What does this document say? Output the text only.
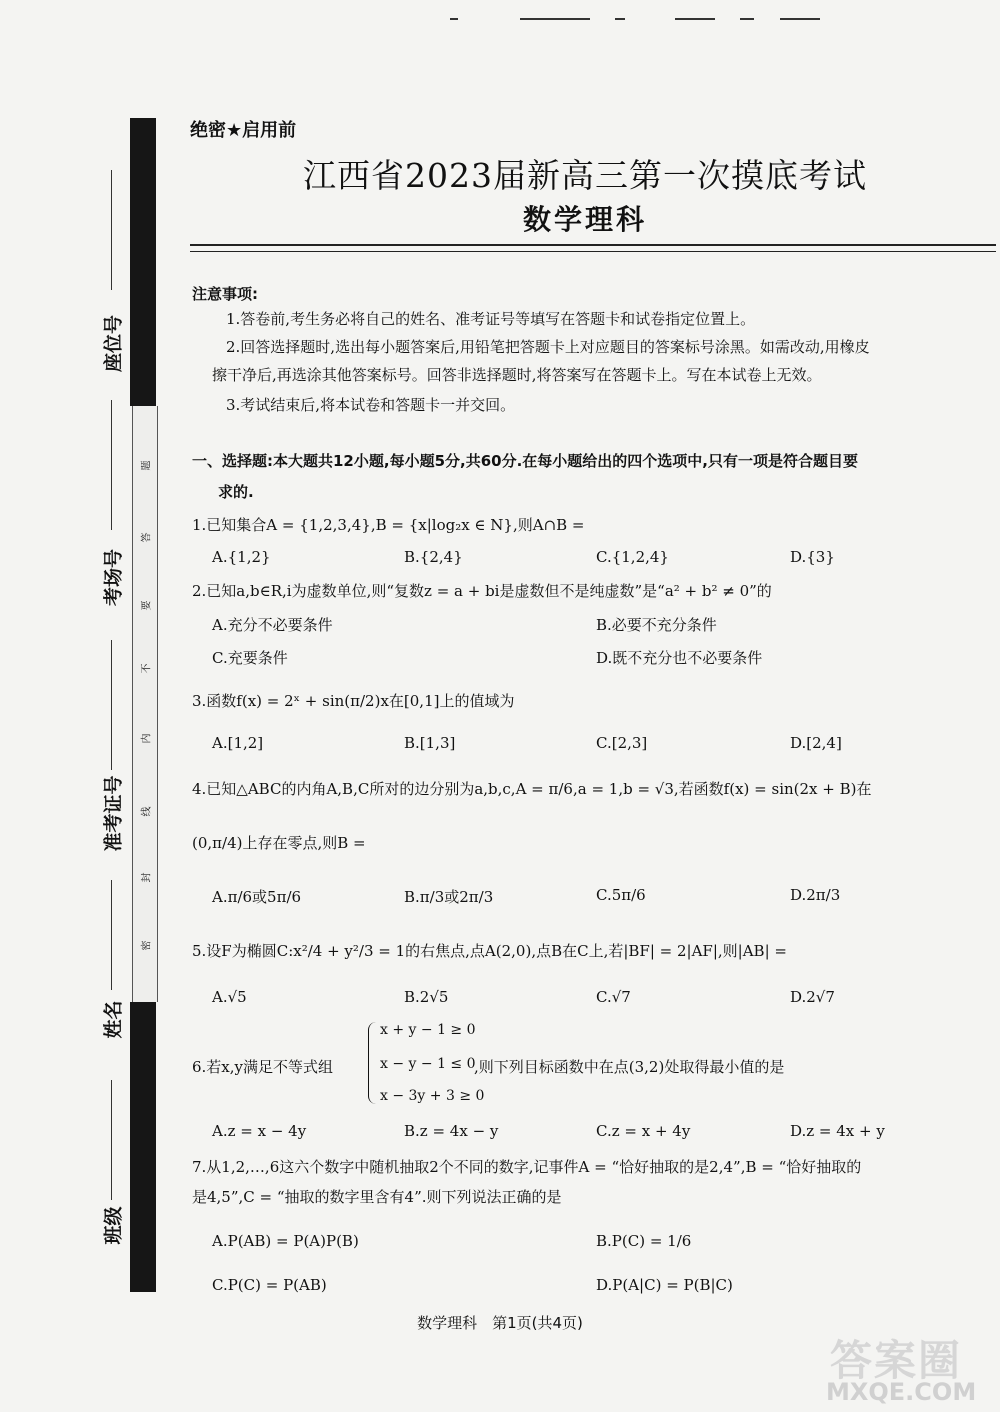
题
答
要
不
内
线
封
密
座位号
考场号
准考证号
姓名
班级
绝密★启用前
江西省2023届新高三第一次摸底考试
数学理科
注意事项:
1.答卷前,考生务必将自己的姓名、准考证号等填写在答题卡和试卷指定位置上。
2.回答选择题时,选出每小题答案后,用铅笔把答题卡上对应题目的答案标号涂黑。如需改动,用橡皮
擦干净后,再选涂其他答案标号。回答非选择题时,将答案写在答题卡上。写在本试卷上无效。
3.考试结束后,将本试卷和答题卡一并交回。
一、选择题:本大题共12小题,每小题5分,共60分.在每小题给出的四个选项中,只有一项是符合题目要
求的.
1.已知集合A = {1,2,3,4},B = {x|log₂x ∈ N},则A∩B =
A.{1,2}	B.{2,4}	C.{1,2,4}	D.{3}
2.已知a,b∈R,i为虚数单位,则“复数z = a + bi是虚数但不是纯虚数”是“a² + b² ≠ 0”的
A.充分不必要条件	B.必要不充分条件
C.充要条件	D.既不充分也不必要条件
3.函数f(x) = 2ˣ + sin(π/2)x在[0,1]上的值域为
A.[1,2]	B.[1,3]	C.[2,3]	D.[2,4]
4.已知△ABC的内角A,B,C所对的边分别为a,b,c,A = π/6,a = 1,b = √3,若函数f(x) = sin(2x + B)在
(0,π/4)上存在零点,则B =
A.π/6或5π/6	B.π/3或2π/3	C.5π/6	D.2π/3
5.设F为椭圆C:x²/4 + y²/3 = 1的右焦点,点A(2,0),点B在C上,若|BF| = 2|AF|,则|AB| =
A.√5	B.2√5	C.√7	D.2√7
6.若x,y满足不等式组
x + y − 1 ≥ 0
x − y − 1 ≤ 0
x − 3y + 3 ≥ 0
,则下列目标函数中在点(3,2)处取得最小值的是
A.z = x − 4y	B.z = 4x − y	C.z = x + 4y	D.z = 4x + y
7.从1,2,…,6这六个数字中随机抽取2个不同的数字,记事件A = “恰好抽取的是2,4”,B = “恰好抽取的
是4,5”,C = “抽取的数字里含有4”.则下列说法正确的是
A.P(AB) = P(A)P(B)	B.P(C) = 1/6
C.P(C) = P(AB)	D.P(A|C) = P(B|C)
数学理科　第1页(共4页)
答案圈
MXQE.COM
